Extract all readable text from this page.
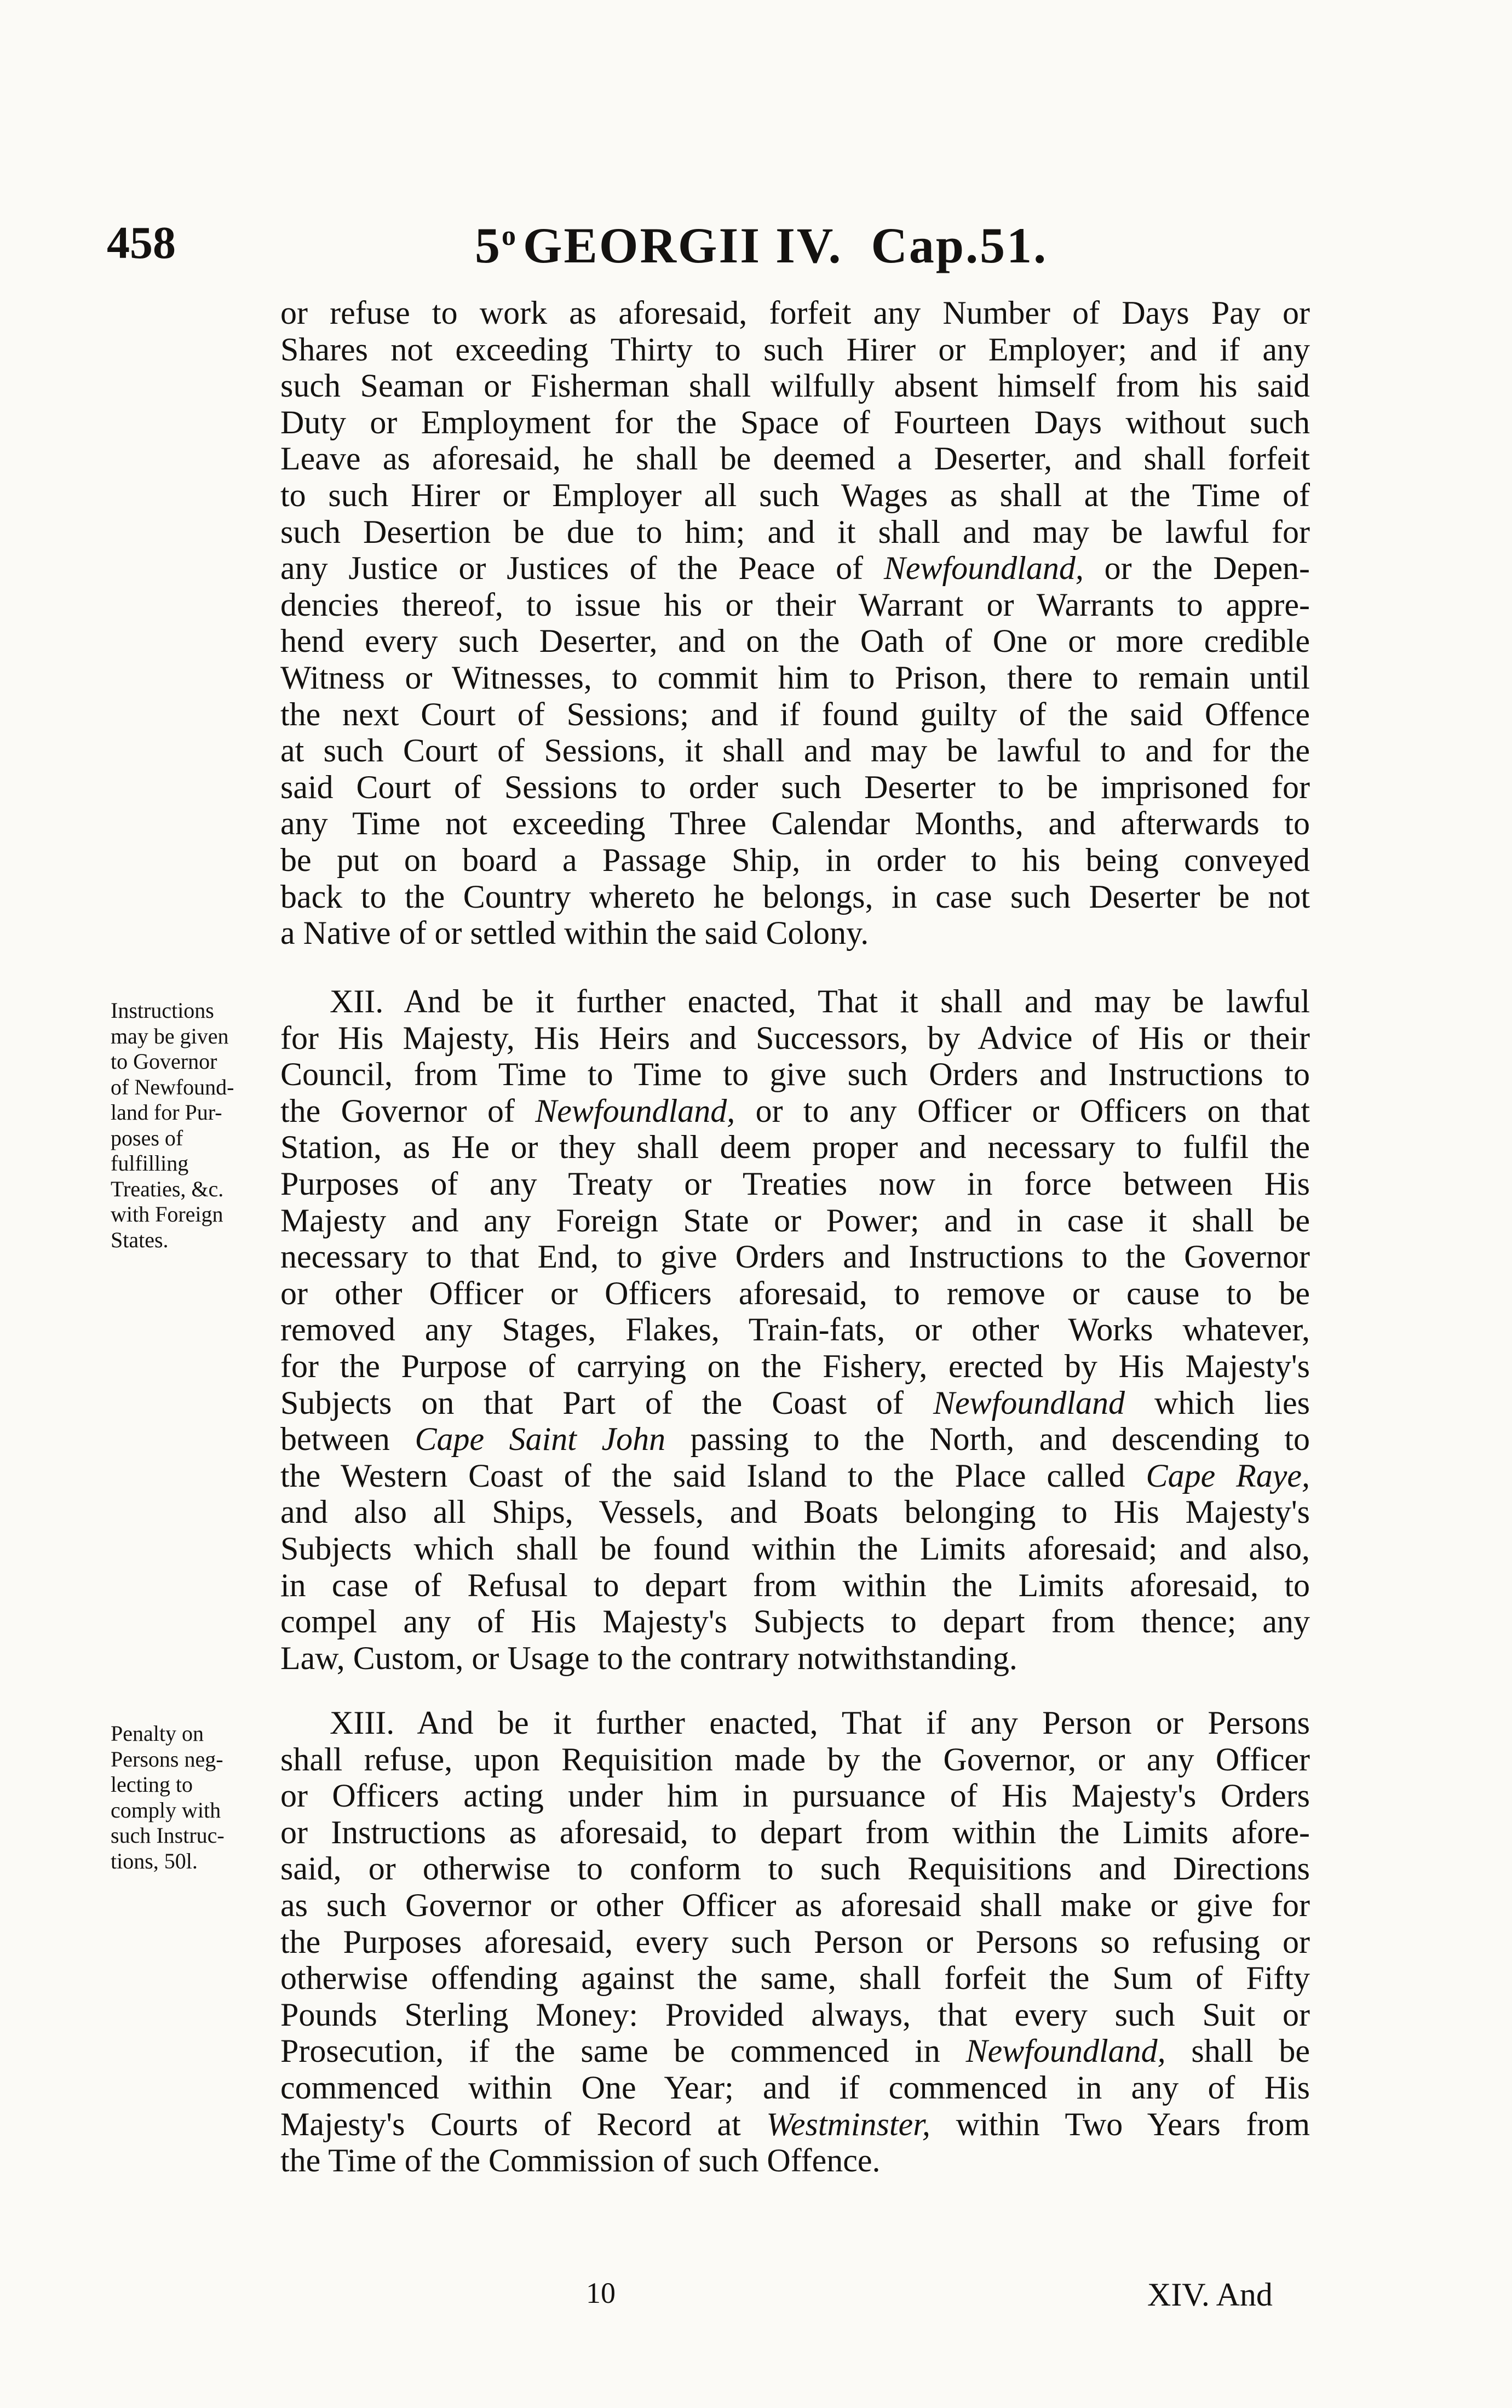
458	5$^o$ GEORGII IV. Cap.51.
or refuse to work as aforesaid, forfeit any Number of Days Pay or
Shares not exceeding Thirty to such Hirer or Employer; and if any
such Seaman or Fisherman shall wilfully absent himself from his said
Duty or Employment for the Space of Fourteen Days without such
Leave as aforesaid, he shall be deemed a Deserter, and shall forfeit
to such Hirer or Employer all such Wages as shall at the Time of
such Desertion be due to him; and it shall and may be lawful for
any Justice or Justices of the Peace of Newfoundland, or the Depen-
dencies thereof, to issue his or their Warrant or Warrants to appre-
hend every such Deserter, and on the Oath of One or more credible
Witness or Witnesses, to commit him to Prison, there to remain until
the next Court of Sessions; and if found guilty of the said Offence
at such Court of Sessions, it shall and may be lawful to and for the
said Court of Sessions to order such Deserter to be imprisoned for
any Time not exceeding Three Calendar Months, and afterwards to
be put on board a Passage Ship, in order to his being conveyed
back to the Country whereto he belongs, in case such Deserter be not
a Native of or settled within the said Colony.
XII. And be it further enacted, That it shall and may be lawful
for His Majesty, His Heirs and Successors, by Advice of His or their
Council, from Time to Time to give such Orders and Instructions to
the Governor of Newfoundland, or to any Officer or Officers on that
Station, as He or they shall deem proper and necessary to fulfil the
Purposes of any Treaty or Treaties now in force between His
Majesty and any Foreign State or Power; and in case it shall be
necessary to that End, to give Orders and Instructions to the Governor
or other Officer or Officers aforesaid, to remove or cause to be
removed any Stages, Flakes, Train-fats, or other Works whatever,
for the Purpose of carrying on the Fishery, erected by His Majesty's
Subjects on that Part of the Coast of Newfoundland which lies
between Cape Saint John passing to the North, and descending to
the Western Coast of the said Island to the Place called Cape Raye,
and also all Ships, Vessels, and Boats belonging to His Majesty's
Subjects which shall be found within the Limits aforesaid; and also,
in case of Refusal to depart from within the Limits aforesaid, to
compel any of His Majesty's Subjects to depart from thence; any
Law, Custom, or Usage to the contrary notwithstanding.
XIII. And be it further enacted, That if any Person or Persons
shall refuse, upon Requisition made by the Governor, or any Officer
or Officers acting under him in pursuance of His Majesty's Orders
or Instructions as aforesaid, to depart from within the Limits afore-
said, or otherwise to conform to such Requisitions and Directions
as such Governor or other Officer as aforesaid shall make or give for
the Purposes aforesaid, every such Person or Persons so refusing or
otherwise offending against the same, shall forfeit the Sum of Fifty
Pounds Sterling Money: Provided always, that every such Suit or
Prosecution, if the same be commenced in Newfoundland, shall be
commenced within One Year; and if commenced in any of His
Majesty's Courts of Record at Westminster, within Two Years from
the Time of the Commission of such Offence.
Instructions
may be given
to Governor
of Newfound-
land for Pur-
poses of
fulfilling
Treaties, &c.
with Foreign
States.
Penalty on
Persons neg-
lecting to
comply with
such Instruc-
tions, 50l.
10	XIV. And
